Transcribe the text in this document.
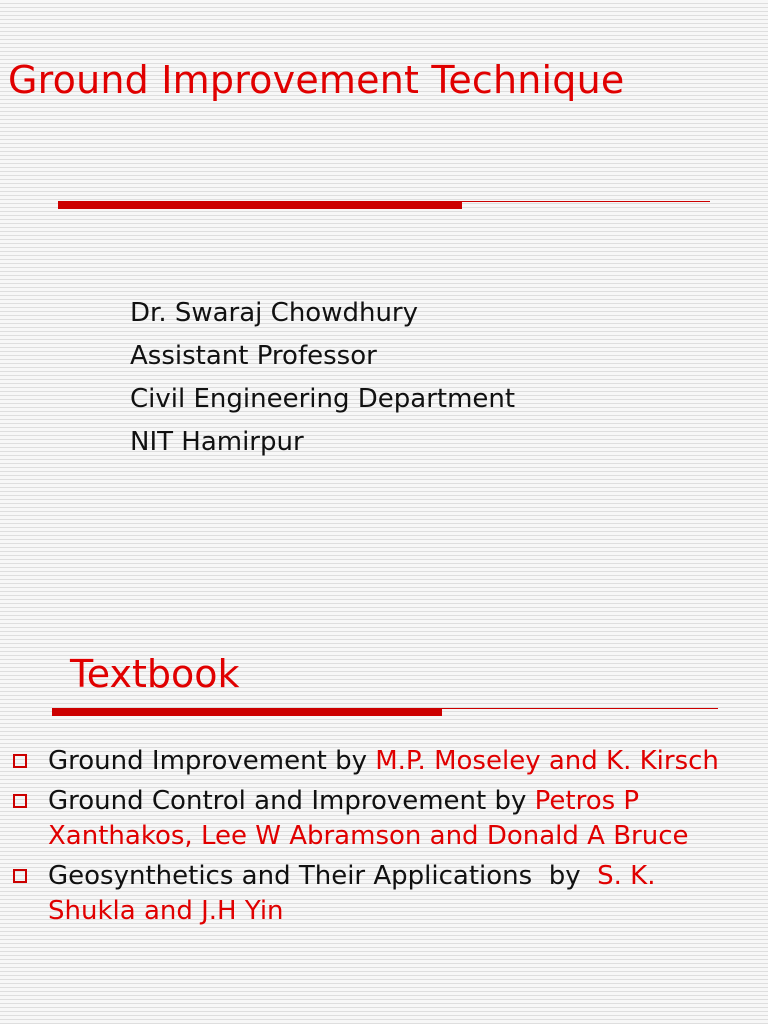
Ground Improvement Technique
Dr. Swaraj Chowdhury
Assistant Professor
Civil Engineering Department
NIT Hamirpur
Textbook
Ground Improvement by M.P. Moseley and K. Kirsch
Ground Control and Improvement by Petros P Xanthakos, Lee W Abramson and Donald A Bruce
Geosynthetics and Their Applications  by  S. K. Shukla and J.H Yin
